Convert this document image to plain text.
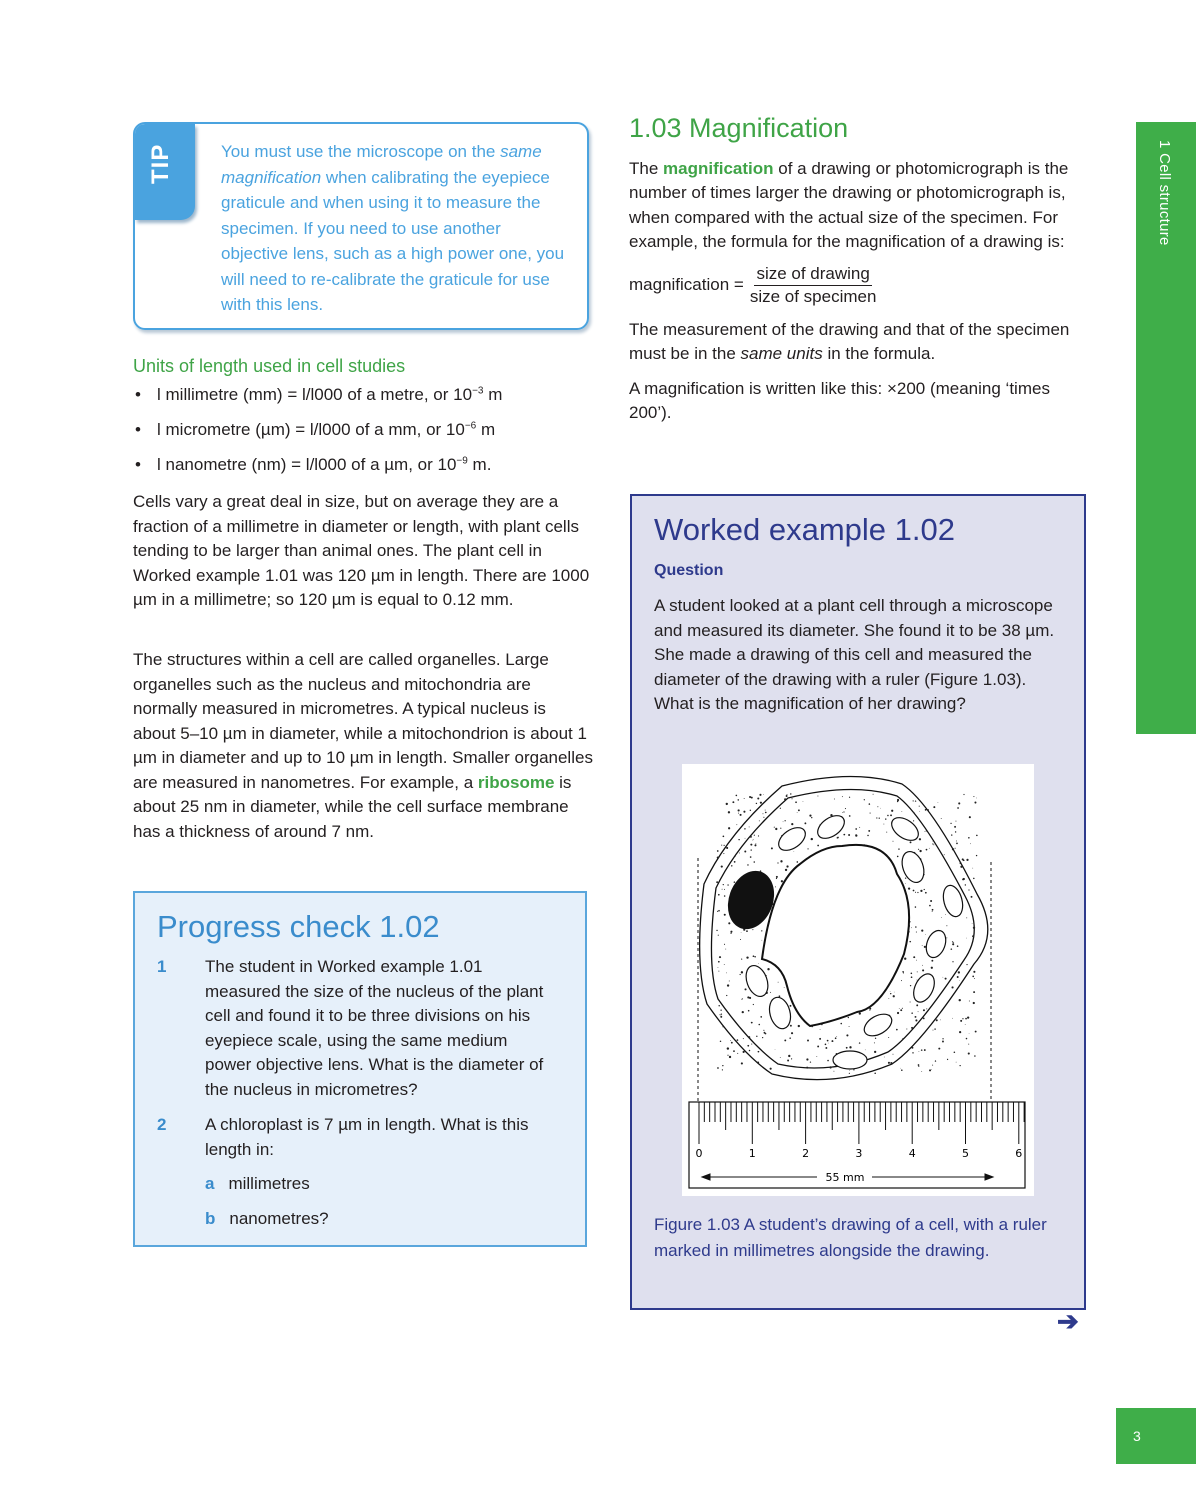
TIP	You must use the microscope on the same magnification when calibrating the eyepiece graticule and when using it to measure the specimen. If you need to use another objective lens, such as a high power one, you will need to re-calibrate the graticule for use with this lens.

Units of length used in cell studies
• l millimetre (mm) = l/l000 of a metre, or $10^{-3}$ m
• l micrometre (µm) = l/l000 of a mm, or $10^{-6}$ m
• l nanometre (nm) = l/l000 of a µm, or $10^{-9}$ m.

Cells vary a great deal in size, but on average they are a fraction of a millimetre in diameter or length, with plant cells tending to be larger than animal ones. The plant cell in Worked example 1.01 was 120 µm in length. There are 1000 µm in a millimetre; so 120 µm is equal to 0.12 mm.

The structures within a cell are called organelles. Large organelles such as the nucleus and mitochondria are normally measured in micrometres. A typical nucleus is about 5–10 µm in diameter, while a mitochondrion is about 1 µm in diameter and up to 10 µm in length. Smaller organelles are measured in nanometres. For example, a ribosome is about 25 nm in diameter, while the cell surface membrane has a thickness of around 7 nm.

Progress check 1.02
1 The student in Worked example 1.01 measured the size of the nucleus of the plant cell and found it to be three divisions on his eyepiece scale, using the same medium power objective lens. What is the diameter of the nucleus in micrometres?
2 A chloroplast is 7 µm in length. What is this length in:
a millimetres
b nanometres?
1.03 Magnification

The magnification of a drawing or photomicrograph is the number of times larger the drawing or photomicrograph is, when compared with the actual size of the specimen. For example, the formula for the magnification of a drawing is:

magnification = $\frac{\text{size of drawing}}{\text{size of specimen}}$

The measurement of the drawing and that of the specimen must be in the same units in the formula.

A magnification is written like this: ×200 (meaning ‘times 200’).

Worked example 1.02
Question

A student looked at a plant cell through a microscope and measured its diameter. She found it to be 38 µm. She made a drawing of this cell and measured the diameter of the drawing with a ruler (Figure 1.03). What is the magnification of her drawing?

0	1	2	3	4	5	6
55 mm

Figure 1.03 A student’s drawing of a cell, with a ruler marked in millimetres alongside the drawing.

➔
1 Cell structure
3
